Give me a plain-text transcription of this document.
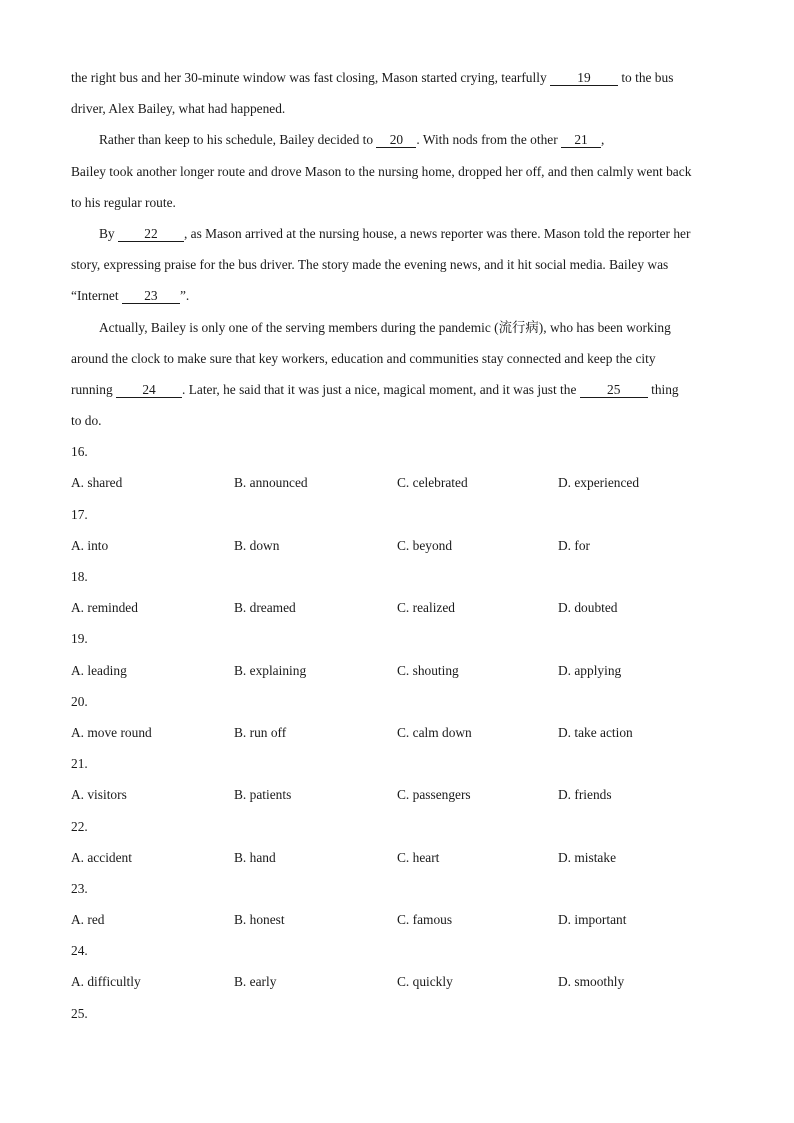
the right bus and her 30-minute window was fast closing, Mason started crying, tearfully 19 to the bus
driver, Alex Bailey, what had happened.
Rather than keep to his schedule, Bailey decided to 20 . With nods from the other 21 ,
Bailey took another longer route and drove Mason to the nursing home, dropped her off, and then calmly went back
to his regular route.
By 22 , as Mason arrived at the nursing house, a news reporter was there. Mason told the reporter her
story, expressing praise for the bus driver. The story made the evening news, and it hit social media. Bailey was
“Internet 23 ”.
Actually, Bailey is only one of the serving members during the pandemic (流行病), who has been working
around the clock to make sure that key workers, education and communities stay connected and keep the city
running 24 . Later, he said that it was just a nice, magical moment, and it was just the 25 thing
to do.
16.
A. shared	B. announced	C. celebrated	D. experienced
17.
A. into	B. down	C. beyond	D. for
18.
A. reminded	B. dreamed	C. realized	D. doubted
19.
A. leading	B. explaining	C. shouting	D. applying
20.
A. move round	B. run off	C. calm down	D. take action
21.
A. visitors	B. patients	C. passengers	D. friends
22.
A. accident	B. hand	C. heart	D. mistake
23.
A. red	B. honest	C. famous	D. important
24.
A. difficultly	B. early	C. quickly	D. smoothly
25.
